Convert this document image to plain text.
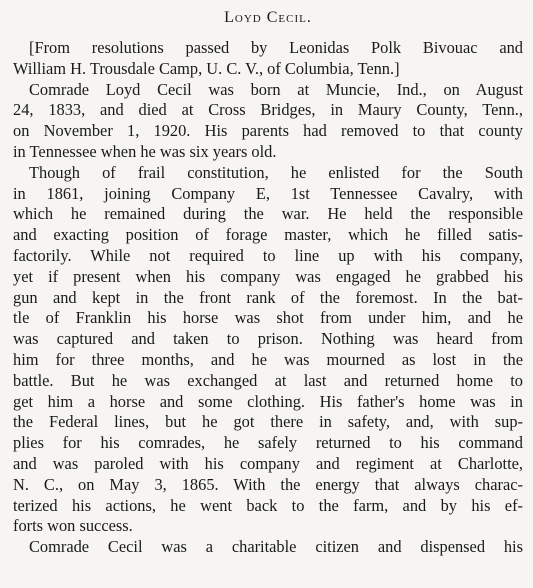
Loyd Cecil.
[From resolutions passed by Leonidas Polk Bivouac and
William H. Trousdale Camp, U. C. V., of Columbia, Tenn.]
Comrade Loyd Cecil was born at Muncie, Ind., on August
24, 1833, and died at Cross Bridges, in Maury County, Tenn.,
on November 1, 1920. His parents had removed to that county
in Tennessee when he was six years old.
Though of frail constitution, he enlisted for the South
in 1861, joining Company E, 1st Tennessee Cavalry, with
which he remained during the war. He held the responsible
and exacting position of forage master, which he filled satis-
factorily. While not required to line up with his company,
yet if present when his company was engaged he grabbed his
gun and kept in the front rank of the foremost. In the bat-
tle of Franklin his horse was shot from under him, and he
was captured and taken to prison. Nothing was heard from
him for three months, and he was mourned as lost in the
battle. But he was exchanged at last and returned home to
get him a horse and some clothing. His father's home was in
the Federal lines, but he got there in safety, and, with sup-
plies for his comrades, he safely returned to his command
and was paroled with his company and regiment at Charlotte,
N. C., on May 3, 1865. With the energy that always charac-
terized his actions, he went back to the farm, and by his ef-
forts won success.
Comrade Cecil was a charitable citizen and dispensed his
